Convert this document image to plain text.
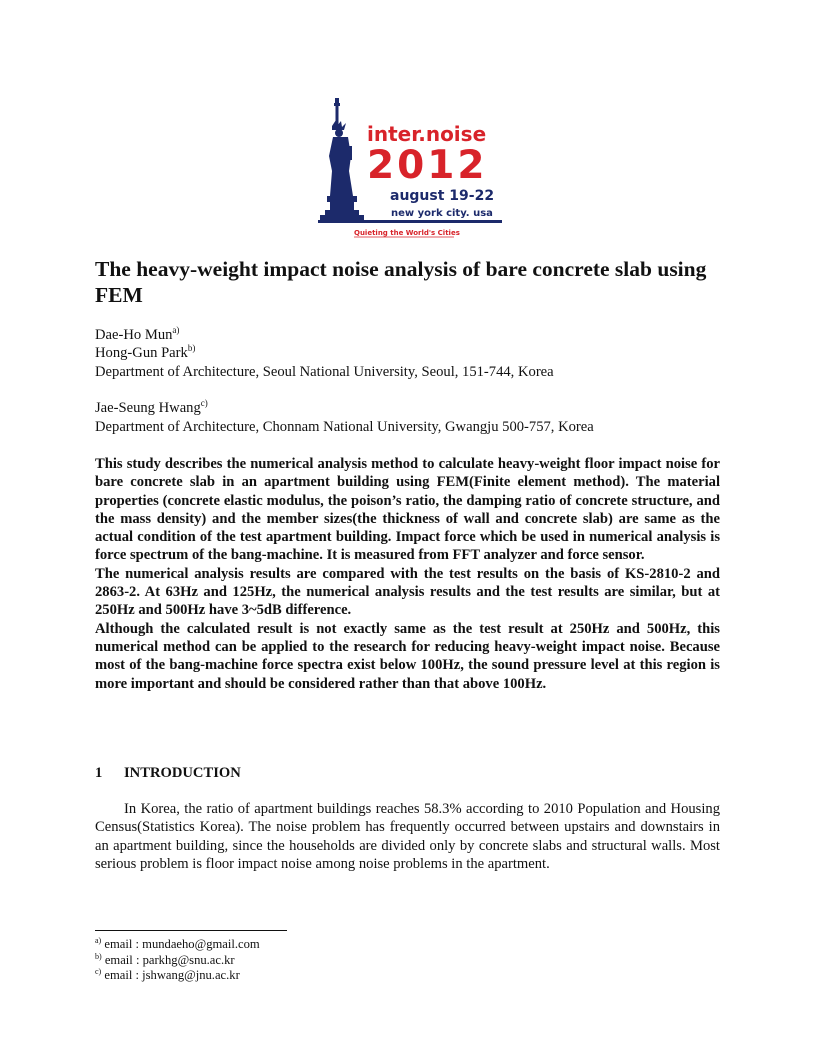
inter.noise
2012
august 19-22
new york city. usa
Quieting the World's Cities
The heavy-weight impact noise analysis of bare concrete slab using FEM
Dae-Ho Mun$^{a)}$
Hong-Gun Park$^{b)}$
Department of Architecture, Seoul National University, Seoul, 151-744, Korea
Jae-Seung Hwang$^{c)}$
Department of Architecture, Chonnam National University, Gwangju 500-757, Korea

This study describes the numerical analysis method to calculate heavy-weight floor impact noise for bare concrete slab in an apartment building using FEM(Finite element method). The material properties (concrete elastic modulus, the poison’s ratio, the damping ratio of concrete structure, and the mass density) and the member sizes(the thickness of wall and concrete slab) are same as the actual condition of the test apartment building. Impact force which be used in numerical analysis is force spectrum of the bang-machine. It is measured from FFT analyzer and force sensor.

The numerical analysis results are compared with the test results on the basis of KS-2810-2 and 2863-2. At 63Hz and 125Hz, the numerical analysis results and the test results are similar, but at 250Hz and 500Hz have 3~5dB difference.

Although the calculated result is not exactly same as the test result at 250Hz and 500Hz, this numerical method can be applied to the research for reducing heavy-weight impact noise. Because most of the bang-machine force spectra exist below 100Hz, the sound pressure level at this region is more important and should be considered rather than that above 100Hz.

1 INTRODUCTION

In Korea, the ratio of apartment buildings reaches 58.3% according to 2010 Population and Housing Census(Statistics Korea). The noise problem has frequently occurred between upstairs and downstairs in an apartment building, since the households are divided only by concrete slabs and structural walls. Most serious problem is floor impact noise among noise problems in the apartment.

$^{a)}$ email : mundaeho@gmail.com
$^{b)}$ email : parkhg@snu.ac.kr
$^{c)}$ email : jshwang@jnu.ac.kr
